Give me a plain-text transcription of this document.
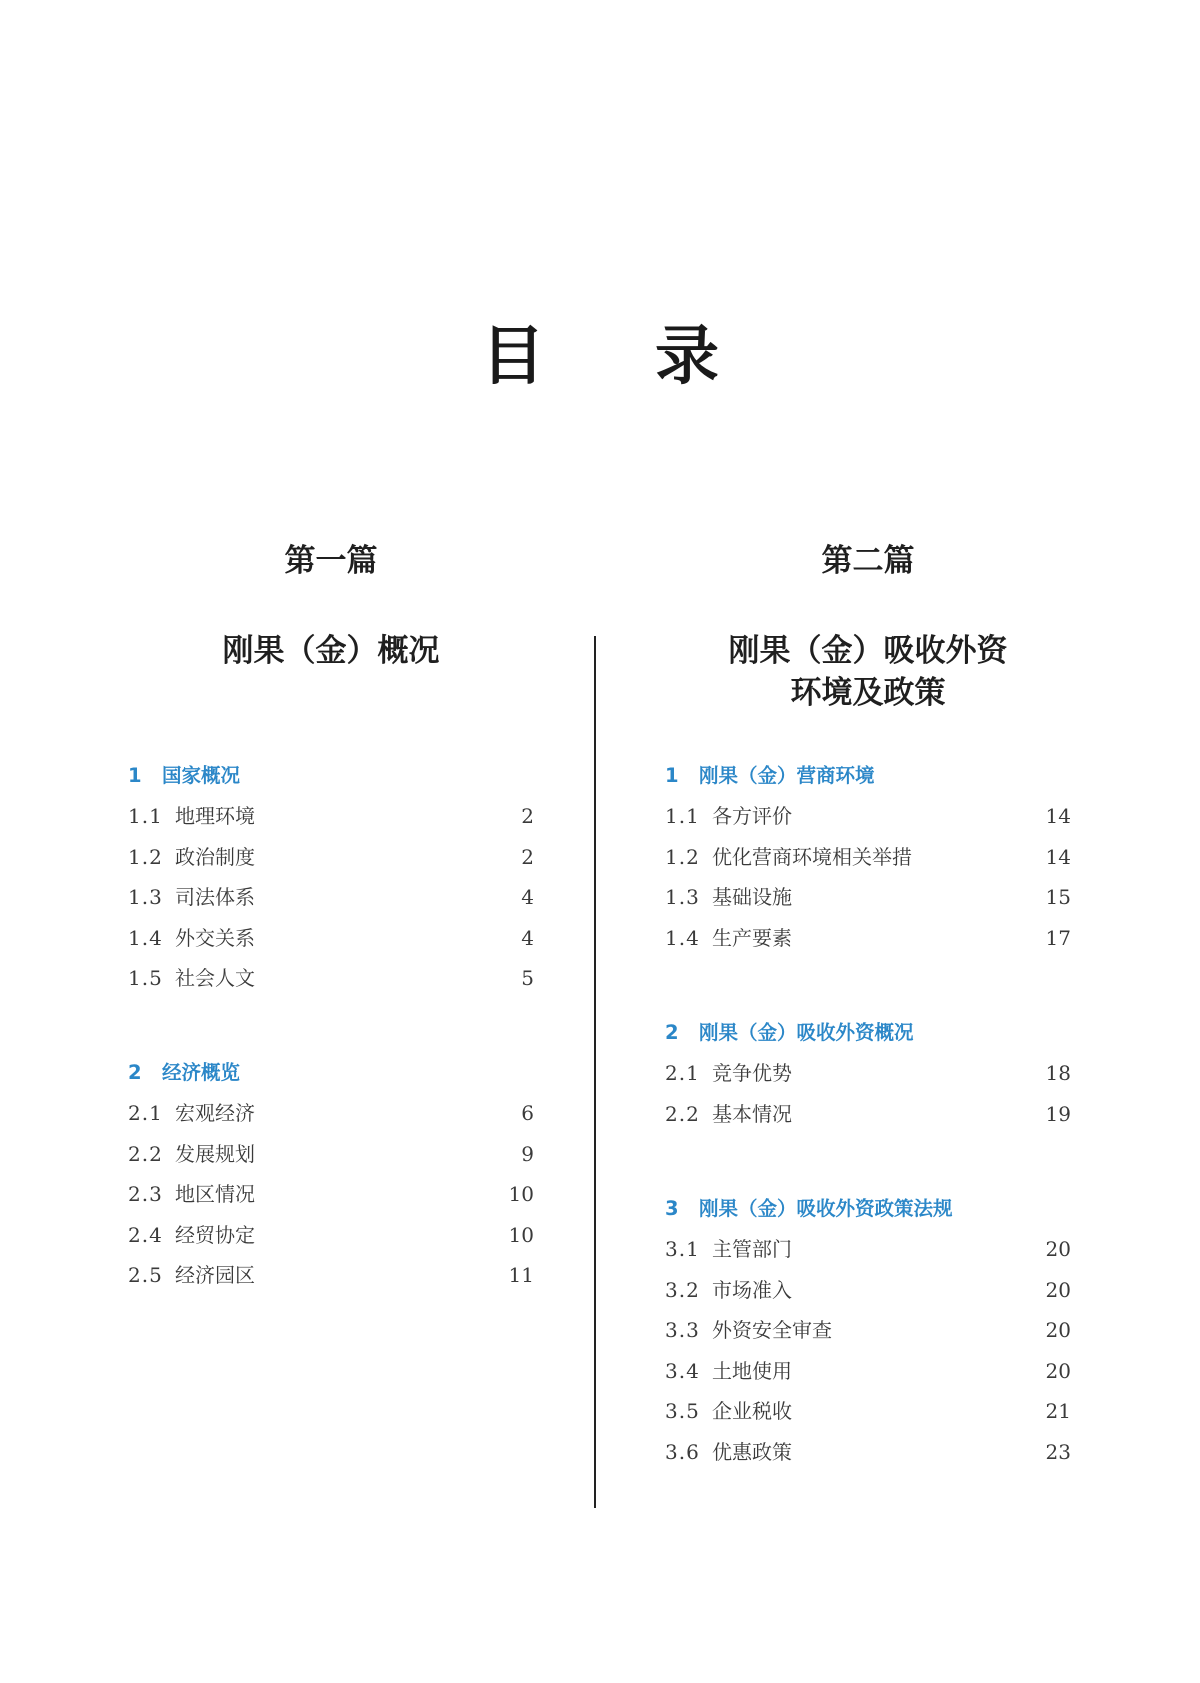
目 录
第一篇
刚果（金）概况
1 国家概况
1.1 地理环境	2
1.2 政治制度	2
1.3 司法体系	4
1.4 外交关系	4
1.5 社会人文	5
2 经济概览
2.1 宏观经济	6
2.2 发展规划	9
2.3 地区情况	10
2.4 经贸协定	10
2.5 经济园区	11
第二篇
刚果（金）吸收外资
环境及政策
1 刚果（金）营商环境
1.1 各方评价	14
1.2 优化营商环境相关举措	14
1.3 基础设施	15
1.4 生产要素	17
2 刚果（金）吸收外资概况
2.1 竞争优势	18
2.2 基本情况	19
3 刚果（金）吸收外资政策法规
3.1 主管部门	20
3.2 市场准入	20
3.3 外资安全审查	20
3.4 土地使用	20
3.5 企业税收	21
3.6 优惠政策	23
